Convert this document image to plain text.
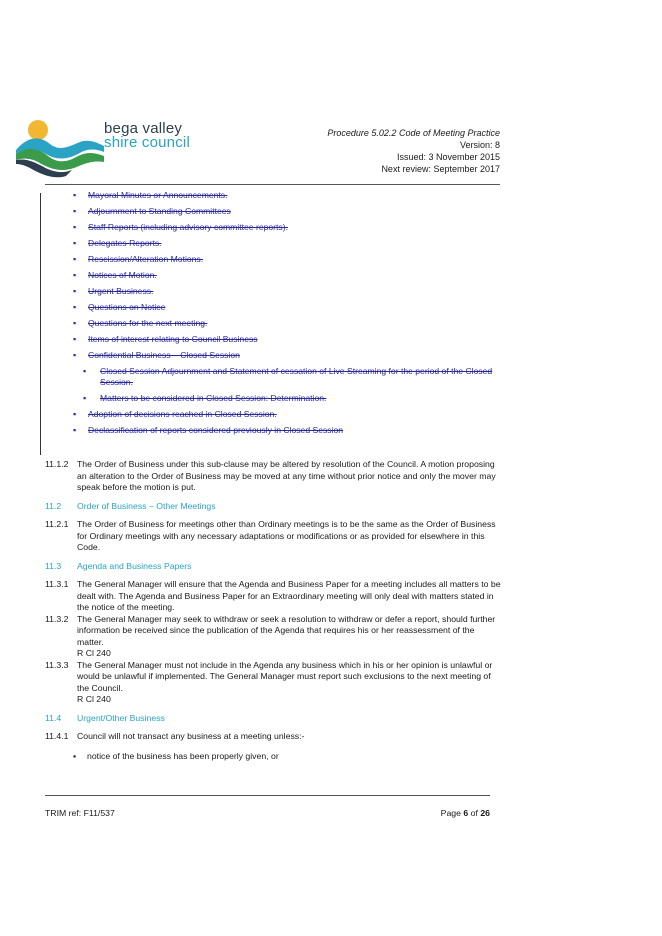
bega valley
shire council
Procedure 5.02.2 Code of Meeting Practice
Version: 8
Issued: 3 November 2015
Next review: September 2017
▪ Mayoral Minutes or Announcements.
▪ Adjournment to Standing Committees
▪ Staff Reports (including advisory committee reports).
▪ Delegates Reports.
▪ Rescission/Alteration Motions.
▪ Notices of Motion.
▪ Urgent Business.
▪ Questions on Notice
▪ Questions for the next meeting.
▪ Items of interest relating to Council Business
▪ Confidential Business – Closed Session
▪ Closed Session Adjournment and Statement of cessation of Live Streaming for the period of the Closed Session.
▪ Matters to be considered in Closed Session: Determination.
▪ Adoption of decisions reached in Closed Session.
▪ Declassification of reports considered previously in Closed Session
11.1.2 The Order of Business under this sub-clause may be altered by resolution of the Council. A motion proposing an alteration to the Order of Business may be moved at any time without prior notice and only the mover may speak before the motion is put.
11.2 Order of Business – Other Meetings
11.2.1 The Order of Business for meetings other than Ordinary meetings is to be the same as the Order of Business for Ordinary meetings with any necessary adaptations or modifications or as provided for elsewhere in this Code.
11.3 Agenda and Business Papers
11.3.1 The General Manager will ensure that the Agenda and Business Paper for a meeting includes all matters to be dealt with. The Agenda and Business Paper for an Extraordinary meeting will only deal with matters stated in the notice of the meeting.
11.3.2 The General Manager may seek to withdraw or seek a resolution to withdraw or defer a report, should further information be received since the publication of the Agenda that requires his or her reassessment of the matter.
R Cl 240
11.3.3 The General Manager must not include in the Agenda any business which in his or her opinion is unlawful or would be unlawful if implemented. The General Manager must report such exclusions to the next meeting of the Council.
R Cl 240
11.4 Urgent/Other Business
11.4.1 Council will not transact any business at a meeting unless:-
▪ notice of the business has been properly given, or
TRIM ref: F11/537	Page 6 of 26
